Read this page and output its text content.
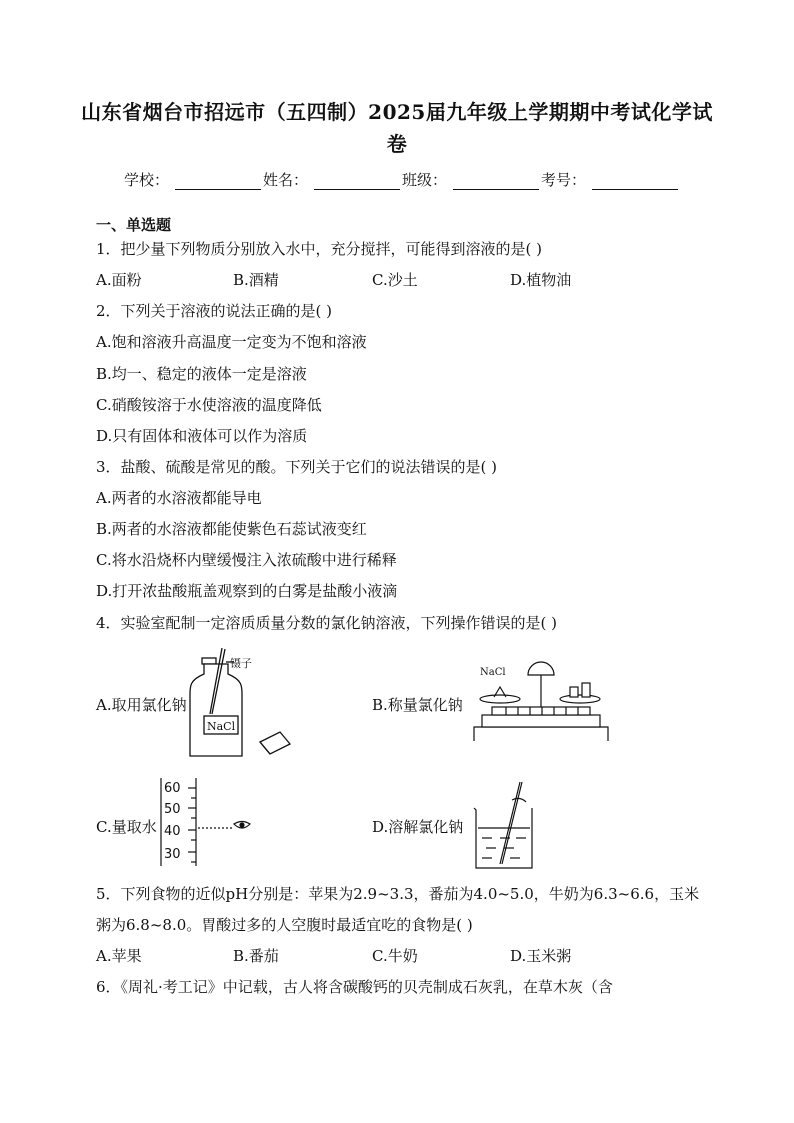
山东省烟台市招远市（五四制）2025届九年级上学期期中考试化学试
卷
学校：	姓名：	班级：	考号：
一、单选题
1．把少量下列物质分别放入水中，充分搅拌，可能得到溶液的是( )
A.面粉	B.酒精	C.沙土	D.植物油
2．下列关于溶液的说法正确的是( )
A.饱和溶液升高温度一定变为不饱和溶液
B.均一、稳定的液体一定是溶液
C.硝酸铵溶于水使溶液的温度降低
D.只有固体和液体可以作为溶质
3．盐酸、硫酸是常见的酸。下列关于它们的说法错误的是( )
A.两者的水溶液都能导电
B.两者的水溶液都能使紫色石蕊试液变红
C.将水沿烧杯内壁缓慢注入浓硫酸中进行稀释
D.打开浓盐酸瓶盖观察到的白雾是盐酸小液滴
4．实验室配制一定溶质质量分数的氯化钠溶液，下列操作错误的是( )
A.取用氯化钠
镊子
NaCl
B.称量氯化钠
NaCl
C.量取水
60
50
40
30
D.溶解氯化钠
5．下列食物的近似pH分别是：苹果为2.9~3.3，番茄为4.0~5.0，牛奶为6.3~6.6，玉米
粥为6.8~8.0。胃酸过多的人空腹时最适宜吃的食物是( )
A.苹果	B.番茄	C.牛奶	D.玉米粥
6．《周礼·考工记》中记载，古人将含碳酸钙的贝壳制成石灰乳，在草木灰（含
